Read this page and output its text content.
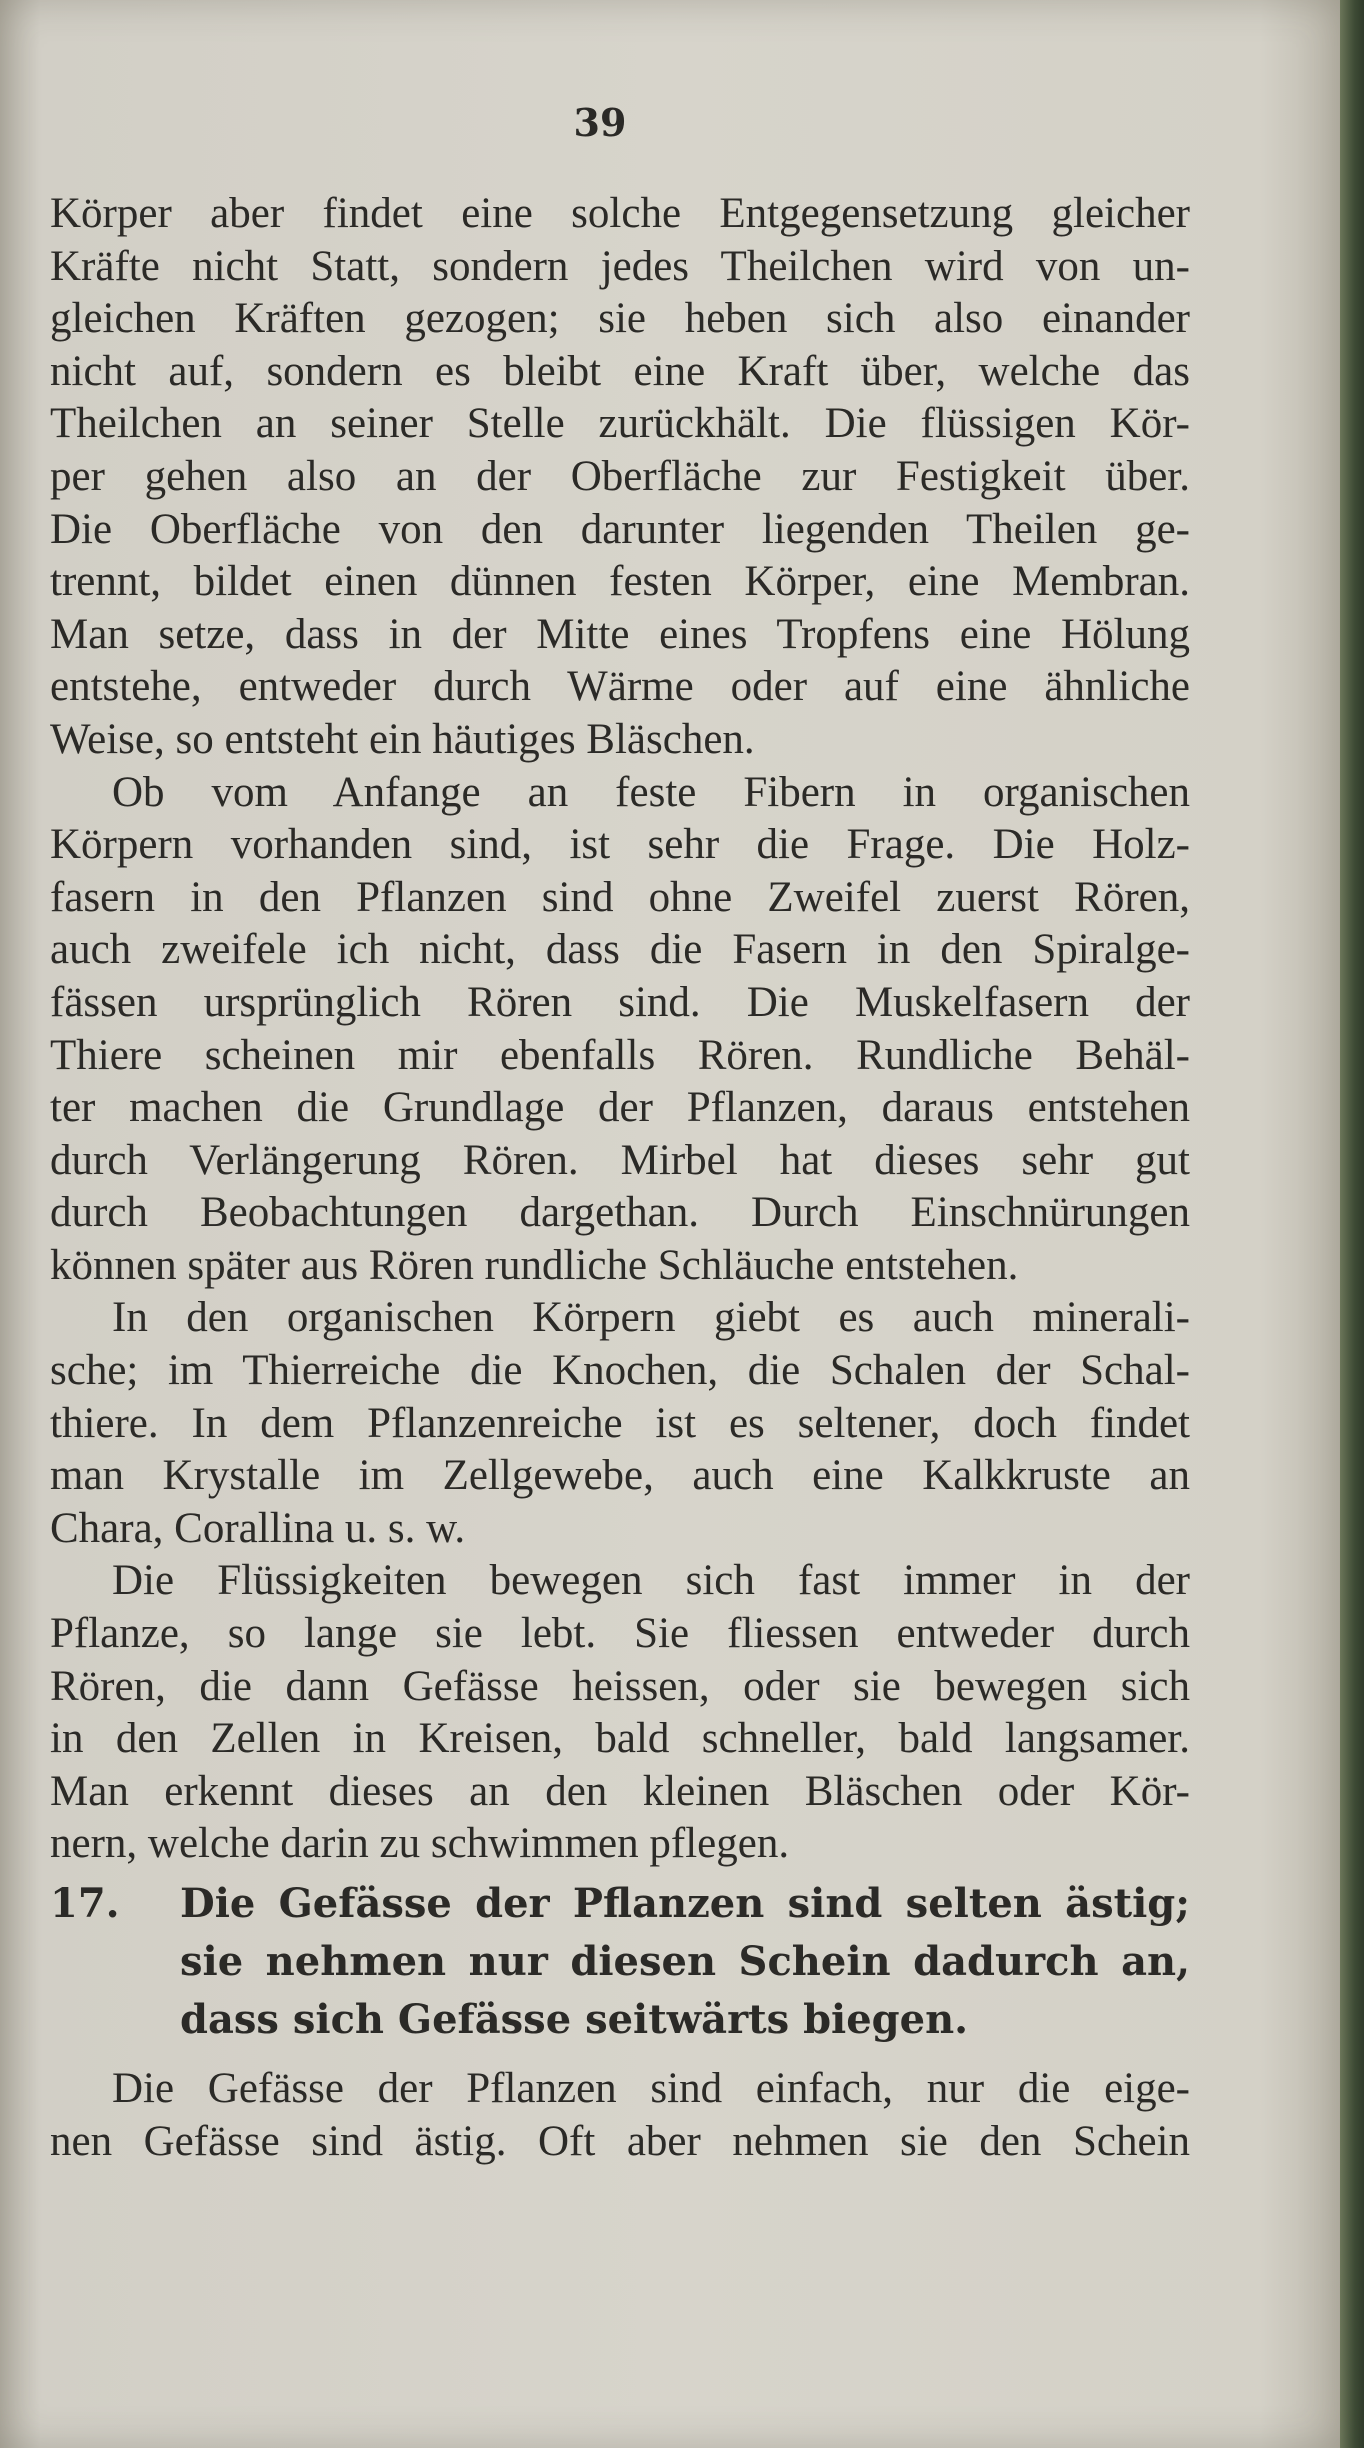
39
Körper aber findet eine solche Entgegensetzung gleicher
Kräfte nicht Statt, sondern jedes Theilchen wird von un-
gleichen Kräften gezogen; sie heben sich also einander
nicht auf, sondern es bleibt eine Kraft über, welche das
Theilchen an seiner Stelle zurückhält. Die flüssigen Kör-
per gehen also an der Oberfläche zur Festigkeit über.
Die Oberfläche von den darunter liegenden Theilen ge-
trennt, bildet einen dünnen festen Körper, eine Membran.
Man setze, dass in der Mitte eines Tropfens eine Hölung
entstehe, entweder durch Wärme oder auf eine ähnliche
Weise, so entsteht ein häutiges Bläschen.
Ob vom Anfange an feste Fibern in organischen
Körpern vorhanden sind, ist sehr die Frage. Die Holz-
fasern in den Pflanzen sind ohne Zweifel zuerst Rören,
auch zweifele ich nicht, dass die Fasern in den Spiralge-
fässen ursprünglich Rören sind. Die Muskelfasern der
Thiere scheinen mir ebenfalls Rören. Rundliche Behäl-
ter machen die Grundlage der Pflanzen, daraus entstehen
durch Verlängerung Rören. Mirbel hat dieses sehr gut
durch Beobachtungen dargethan. Durch Einschnürungen
können später aus Rören rundliche Schläuche entstehen.
In den organischen Körpern giebt es auch minerali-
sche; im Thierreiche die Knochen, die Schalen der Schal-
thiere. In dem Pflanzenreiche ist es seltener, doch findet
man Krystalle im Zellgewebe, auch eine Kalkkruste an
Chara, Corallina u. s. w.
Die Flüssigkeiten bewegen sich fast immer in der
Pflanze, so lange sie lebt. Sie fliessen entweder durch
Rören, die dann Gefässe heissen, oder sie bewegen sich
in den Zellen in Kreisen, bald schneller, bald langsamer.
Man erkennt dieses an den kleinen Bläschen oder Kör-
nern, welche darin zu schwimmen pflegen.
17.	Die Gefässe der Pflanzen sind selten ästig;
sie nehmen nur diesen Schein dadurch an,
dass sich Gefässe seitwärts biegen.
Die Gefässe der Pflanzen sind einfach, nur die eige-
nen Gefässe sind ästig. Oft aber nehmen sie den Schein
